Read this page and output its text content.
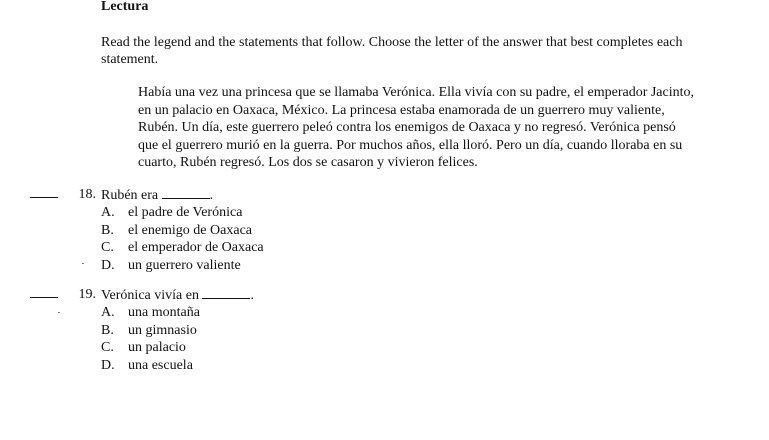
Lectura
Read the legend and the statements that follow. Choose the letter of the answer that best completes each statement.
Había una vez una princesa que se llamaba Verónica. Ella vivía con su padre, el emperador Jacinto, en un palacio en Oaxaca, México. La princesa estaba enamorada de un guerrero muy valiente, Rubén. Un día, este guerrero peleó contra los enemigos de Oaxaca y no regresó. Verónica pensó que el guerrero murió en la guerra. Por muchos años, ella lloró. Pero un día, cuando lloraba en su cuarto, Rubén regresó. Los dos se casaron y vivieron felices.
18. Rubén era	.
A. el padre de Verónica
B. el enemigo de Oaxaca
C. el emperador de Oaxaca
D. un guerrero valiente
19. Verónica vivía en	.
A. una montaña
B. un gimnasio
C. un palacio
D. una escuela
